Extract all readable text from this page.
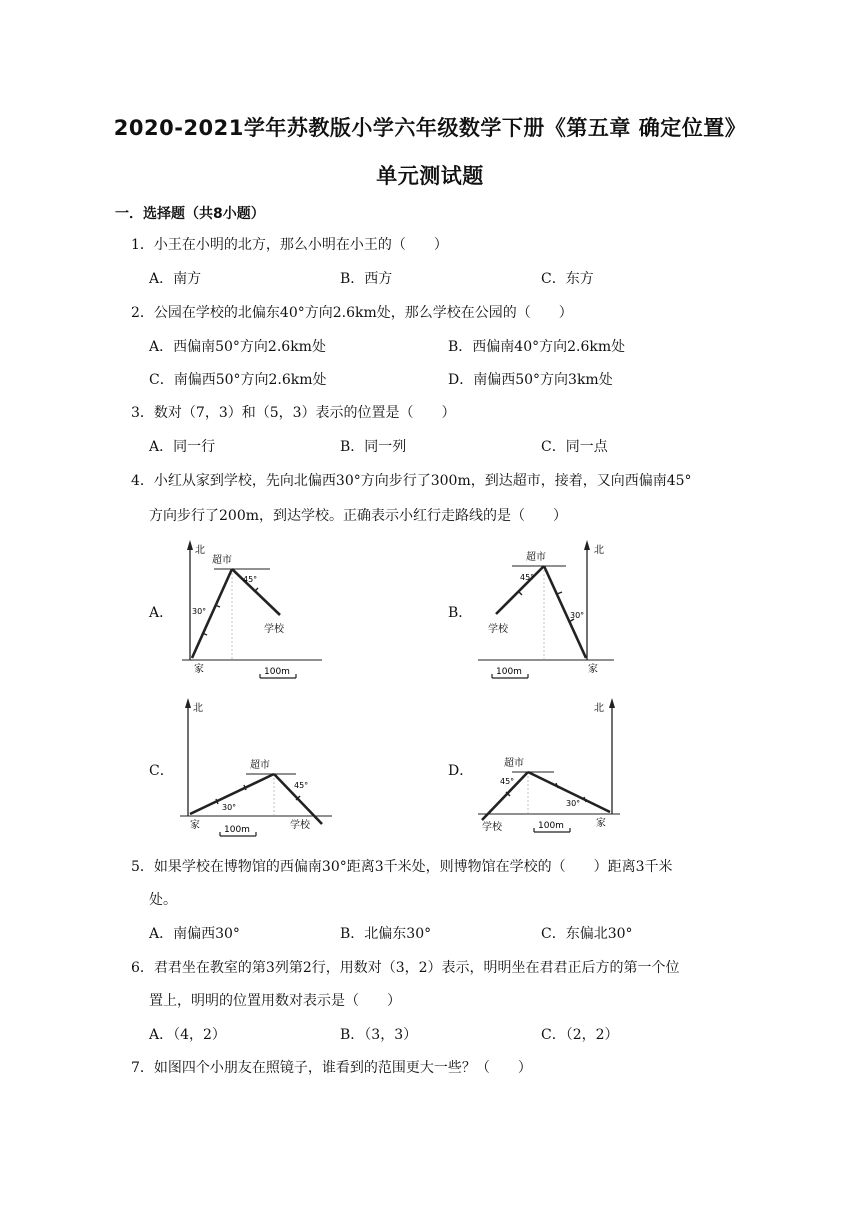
2020-2021学年苏教版小学六年级数学下册《第五章 确定位置》
单元测试题
一．选择题（共8小题）
1．小王在小明的北方，那么小明在小王的（　　）
A．南方	B．西方	C．东方
2．公园在学校的北偏东40°方向2.6km处，那么学校在公园的（　　）
A．西偏南50°方向2.6km处	B．西偏南40°方向2.6km处
C．南偏西50°方向2.6km处	D．南偏西50°方向3km处
3．数对（7，3）和（5，3）表示的位置是（　　）
A．同一行	B．同一列	C．同一点
4．小红从家到学校，先向北偏西30°方向步行了300m，到达超市，接着，又向西偏南45°
方向步行了200m，到达学校。正确表示小红行走路线的是（　　）
A．
北
超市
45°
30°
学校
家	100m
B．
北
超市
45°
30°
学校
家
100m
C．
北
超市
45°
30°
学校
家	100m
D．
北
超市
45°
30°
学校	家
100m
5．如果学校在博物馆的西偏南30°距离3千米处，则博物馆在学校的（　　）距离3千米
处。
A．南偏西30°	B．北偏东30°	C．东偏北30°
6．君君坐在教室的第3列第2行，用数对（3，2）表示，明明坐在君君正后方的第一个位
置上，明明的位置用数对表示是（　　）
A．（4，2）	B．（3，3）	C．（2，2）
7．如图四个小朋友在照镜子，谁看到的范围更大一些？（　　）
